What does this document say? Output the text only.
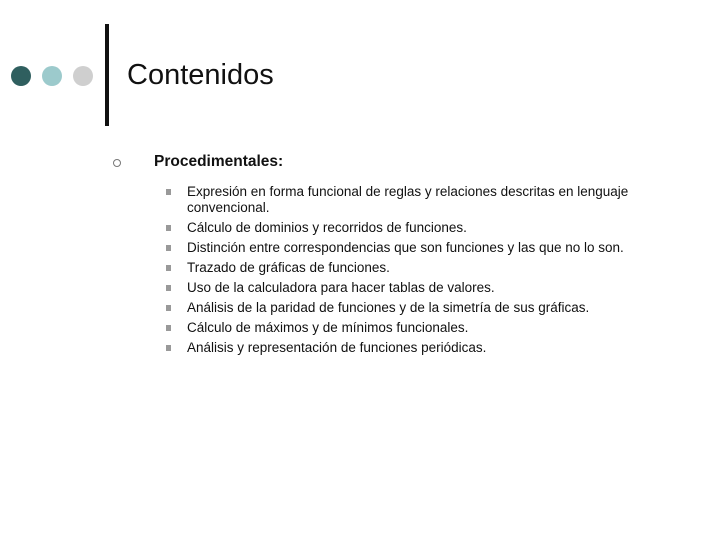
Contenidos
Procedimentales:
Expresión en forma funcional de reglas y relaciones descritas en lenguaje convencional.
Cálculo de dominios y recorridos de funciones.
Distinción entre correspondencias que son funciones y las que no lo son.
Trazado de gráficas de funciones.
Uso de la calculadora para hacer tablas de valores.
Análisis de la paridad de funciones y de la simetría de sus gráficas.
Cálculo de máximos y de mínimos funcionales.
Análisis y representación de funciones periódicas.
